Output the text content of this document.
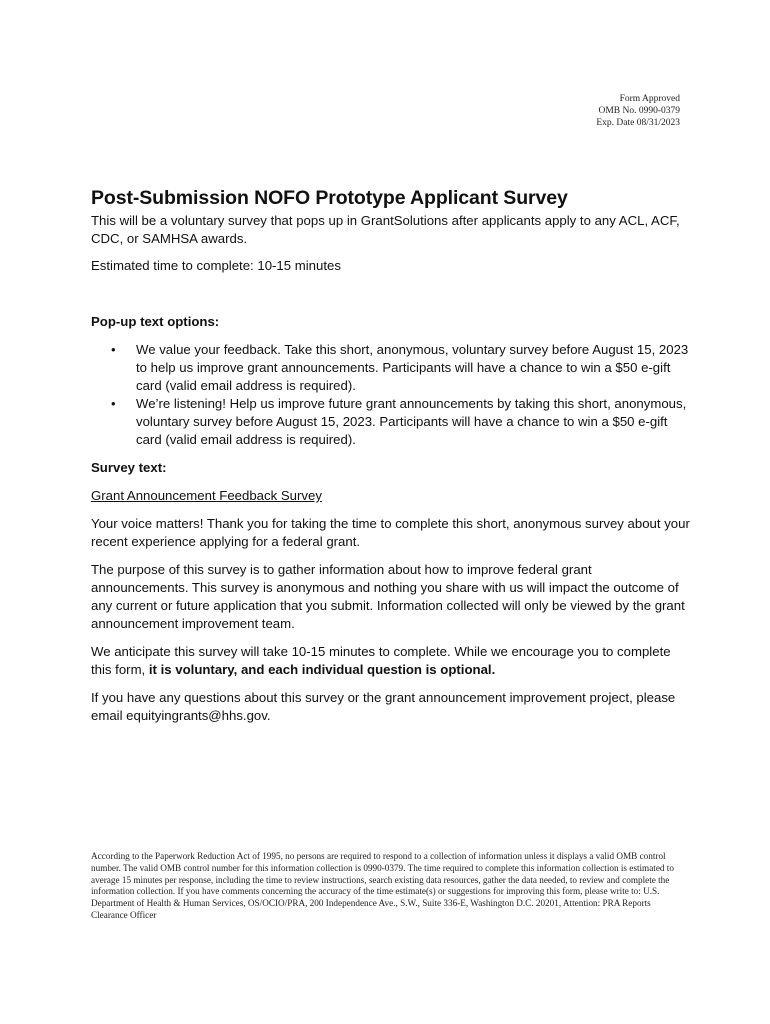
Form Approved
OMB No. 0990-0379
Exp. Date 08/31/2023
Post-Submission NOFO Prototype Applicant Survey

This will be a voluntary survey that pops up in GrantSolutions after applicants apply to any ACL, ACF, CDC, or SAMHSA awards.

Estimated time to complete: 10-15 minutes

Pop-up text options:

• We value your feedback. Take this short, anonymous, voluntary survey before August 15, 2023 to help us improve grant announcements. Participants will have a chance to win a $50 e-gift card (valid email address is required).
• We’re listening! Help us improve future grant announcements by taking this short, anonymous, voluntary survey before August 15, 2023. Participants will have a chance to win a $50 e-gift card (valid email address is required).

Survey text:

Grant Announcement Feedback Survey

Your voice matters! Thank you for taking the time to complete this short, anonymous survey about your recent experience applying for a federal grant.

The purpose of this survey is to gather information about how to improve federal grant announcements. This survey is anonymous and nothing you share with us will impact the outcome of any current or future application that you submit. Information collected will only be viewed by the grant announcement improvement team.

We anticipate this survey will take 10-15 minutes to complete. While we encourage you to complete this form, it is voluntary, and each individual question is optional.

If you have any questions about this survey or the grant announcement improvement project, please email equityingrants@hhs.gov.

According to the Paperwork Reduction Act of 1995, no persons are required to respond to a collection of information unless it displays a valid OMB control number. The valid OMB control number for this information collection is 0990-0379. The time required to complete this information collection is estimated to average 15 minutes per response, including the time to review instructions, search existing data resources, gather the data needed, to review and complete the information collection. If you have comments concerning the accuracy of the time estimate(s) or suggestions for improving this form, please write to: U.S. Department of Health & Human Services, OS/OCIO/PRA, 200 Independence Ave., S.W., Suite 336-E, Washington D.C. 20201, Attention: PRA Reports Clearance Officer
